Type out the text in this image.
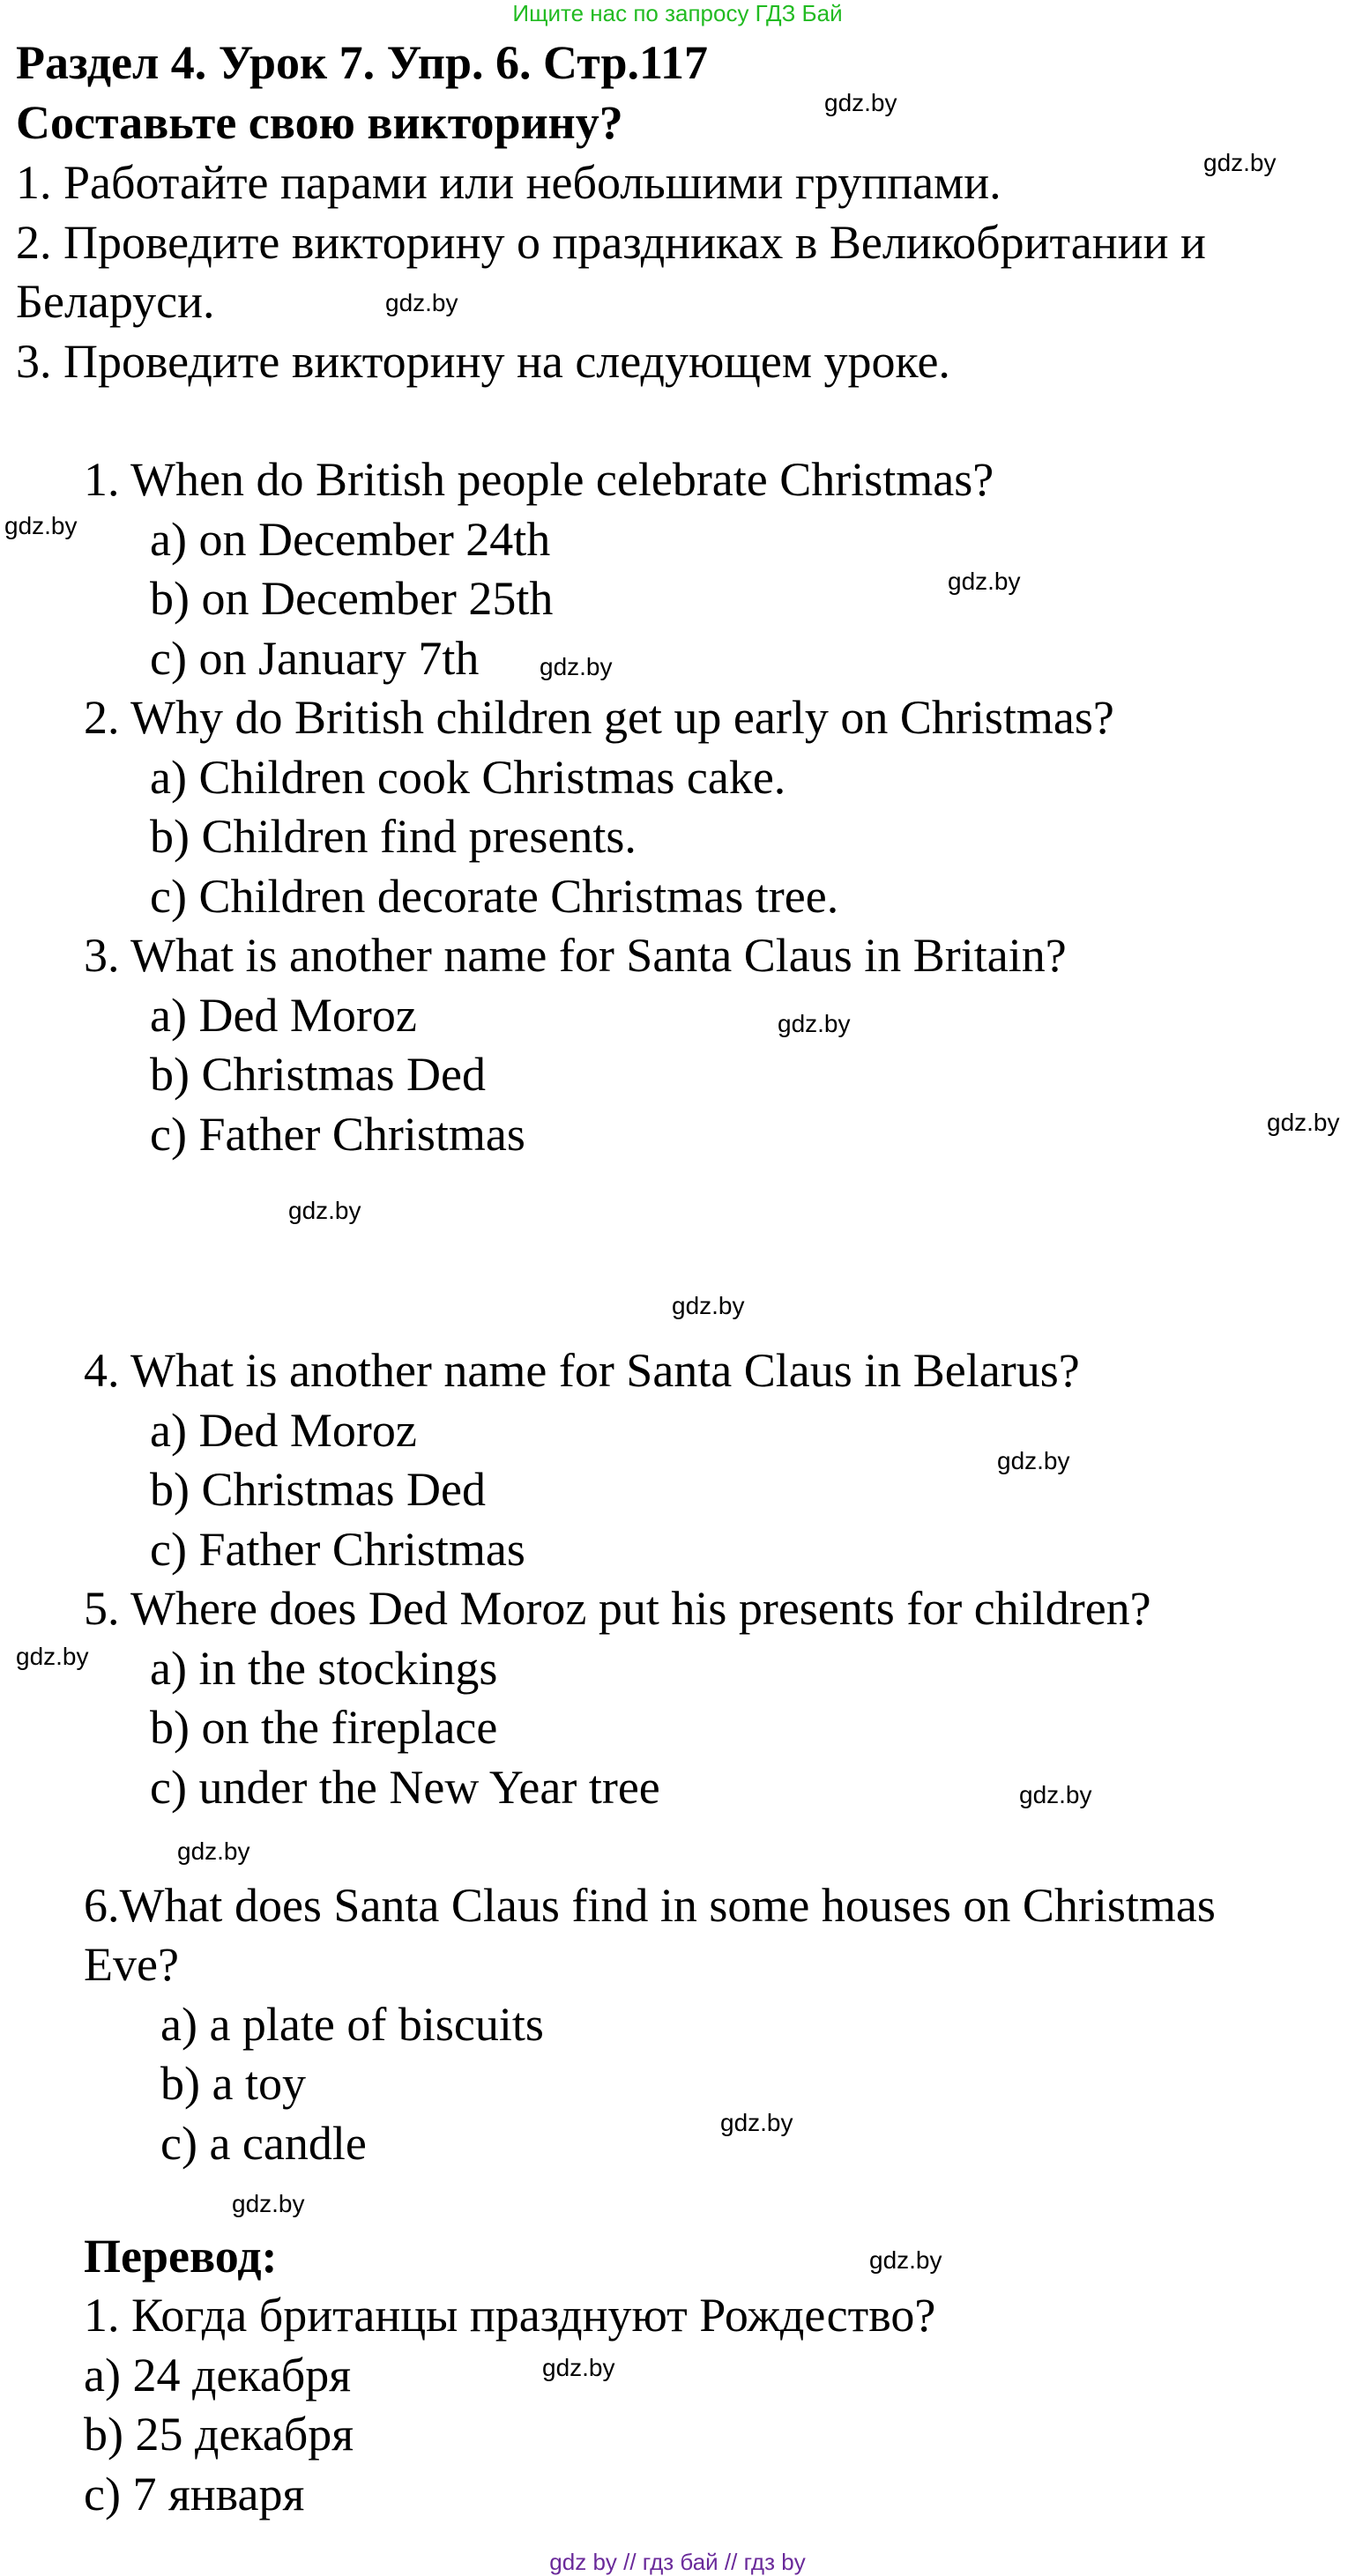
Ищите нас по запросу ГДЗ Бай
Раздел 4. Урок 7. Упр. 6. Стр.117
Составьте свою викторину?
1. Работайте парами или небольшими группами.
2. Проведите викторину о праздниках в Великобритании и
Беларуси.
3. Проведите викторину на следующем уроке.
1. When do British people celebrate Christmas?
a) on December 24th
b) on December 25th
c) on January 7th
2. Why do British children get up early on Christmas?
a) Children cook Christmas cake.
b) Children find presents.
c) Children decorate Christmas tree.
3. What is another name for Santa Claus in Britain?
a) Ded Moroz
b) Christmas Ded
c) Father Christmas
4. What is another name for Santa Claus in Belarus?
a) Ded Moroz
b) Christmas Ded
c) Father Christmas
5. Where does Ded Moroz put his presents for children?
a) in the stockings
b) on the fireplace
c) under the New Year tree
6.What does Santa Claus find in some houses on Christmas
Eve?
a) a plate of biscuits
b) a toy
c) a candle
Перевод:
1. Когда британцы празднуют Рождество?
а) 24 декабря
b) 25 декабря
c) 7 января
gdz.by
gdz.by
gdz.by
gdz.by
gdz.by
gdz.by
gdz.by
gdz.by
gdz.by
gdz.by
gdz.by
gdz.by
gdz.by
gdz.by
gdz.by
gdz.by
gdz.by
gdz.by
gdz by // гдз бай // гдз by
